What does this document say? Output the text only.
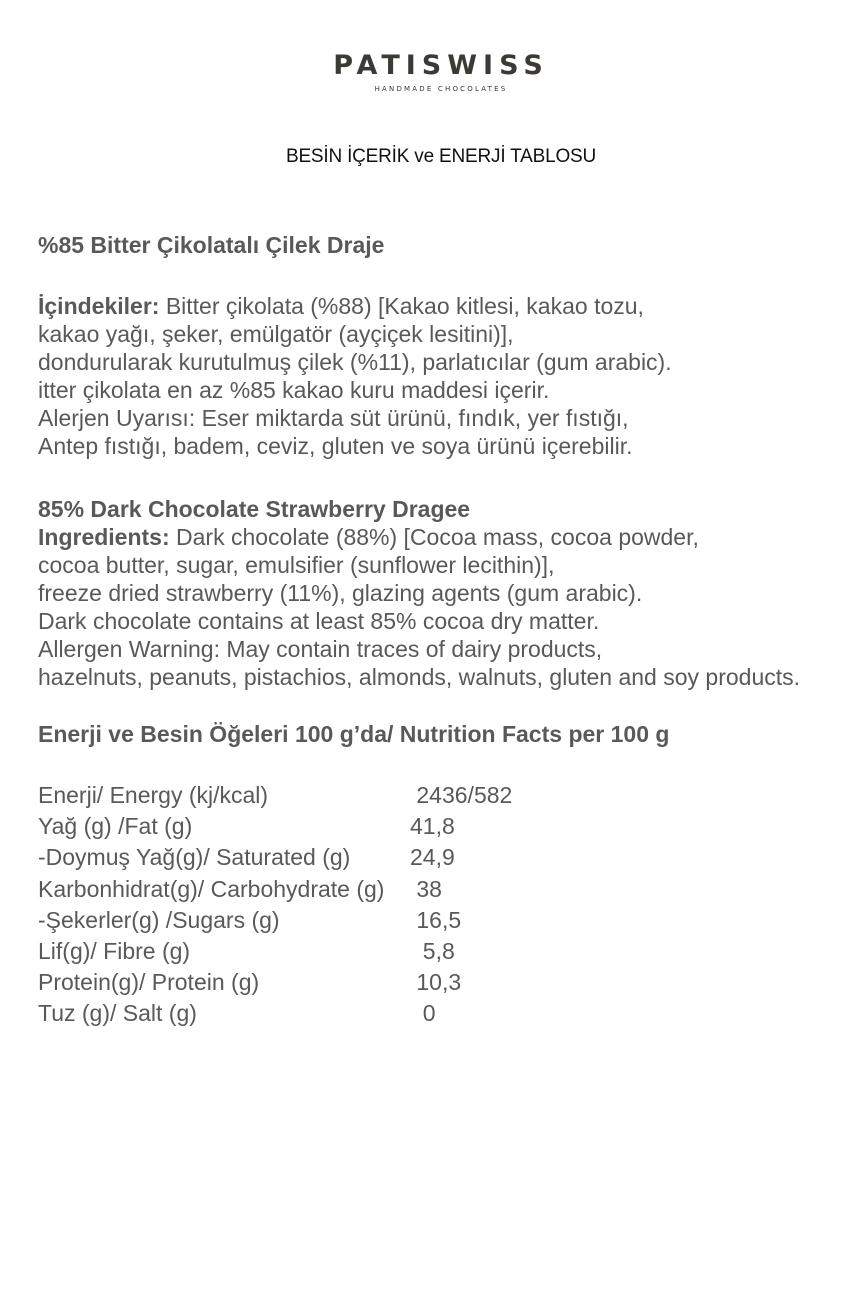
PATISWISS
HANDMADE CHOCOLATES
BESİN İÇERİK ve ENERJİ TABLOSU
%85 Bitter Çikolatalı Çilek Draje
İçindekiler: Bitter çikolata (%88) [Kakao kitlesi, kakao tozu,
kakao yağı, şeker, emülgatör (ayçiçek lesitini)],
dondurularak kurutulmuş çilek (%11), parlatıcılar (gum arabic).
itter çikolata en az %85 kakao kuru maddesi içerir.
Alerjen Uyarısı: Eser miktarda süt ürünü, fındık, yer fıstığı,
Antep fıstığı, badem, ceviz, gluten ve soya ürünü içerebilir.
85% Dark Chocolate Strawberry Dragee
Ingredients: Dark chocolate (88%) [Cocoa mass, cocoa powder,
cocoa butter, sugar, emulsifier (sunflower lecithin)],
freeze dried strawberry (11%), glazing agents (gum arabic).
Dark chocolate contains at least 85% cocoa dry matter.
Allergen Warning: May contain traces of dairy products,
hazelnuts, peanuts, pistachios, almonds, walnuts, gluten and soy products.
Enerji ve Besin Öğeleri 100 g’da/ Nutrition Facts per 100 g
Enerji/ Energy (kj/kcal)	2436/582
Yağ (g) /Fat (g)	41,8
-Doymuş Yağ(g)/ Saturated (g)	24,9
Karbonhidrat(g)/ Carbohydrate (g) 38
-Şekerler(g) /Sugars (g)	16,5
Lif(g)/ Fibre (g)	5,8
Protein(g)/ Protein (g)	10,3
Tuz (g)/ Salt (g)	0
